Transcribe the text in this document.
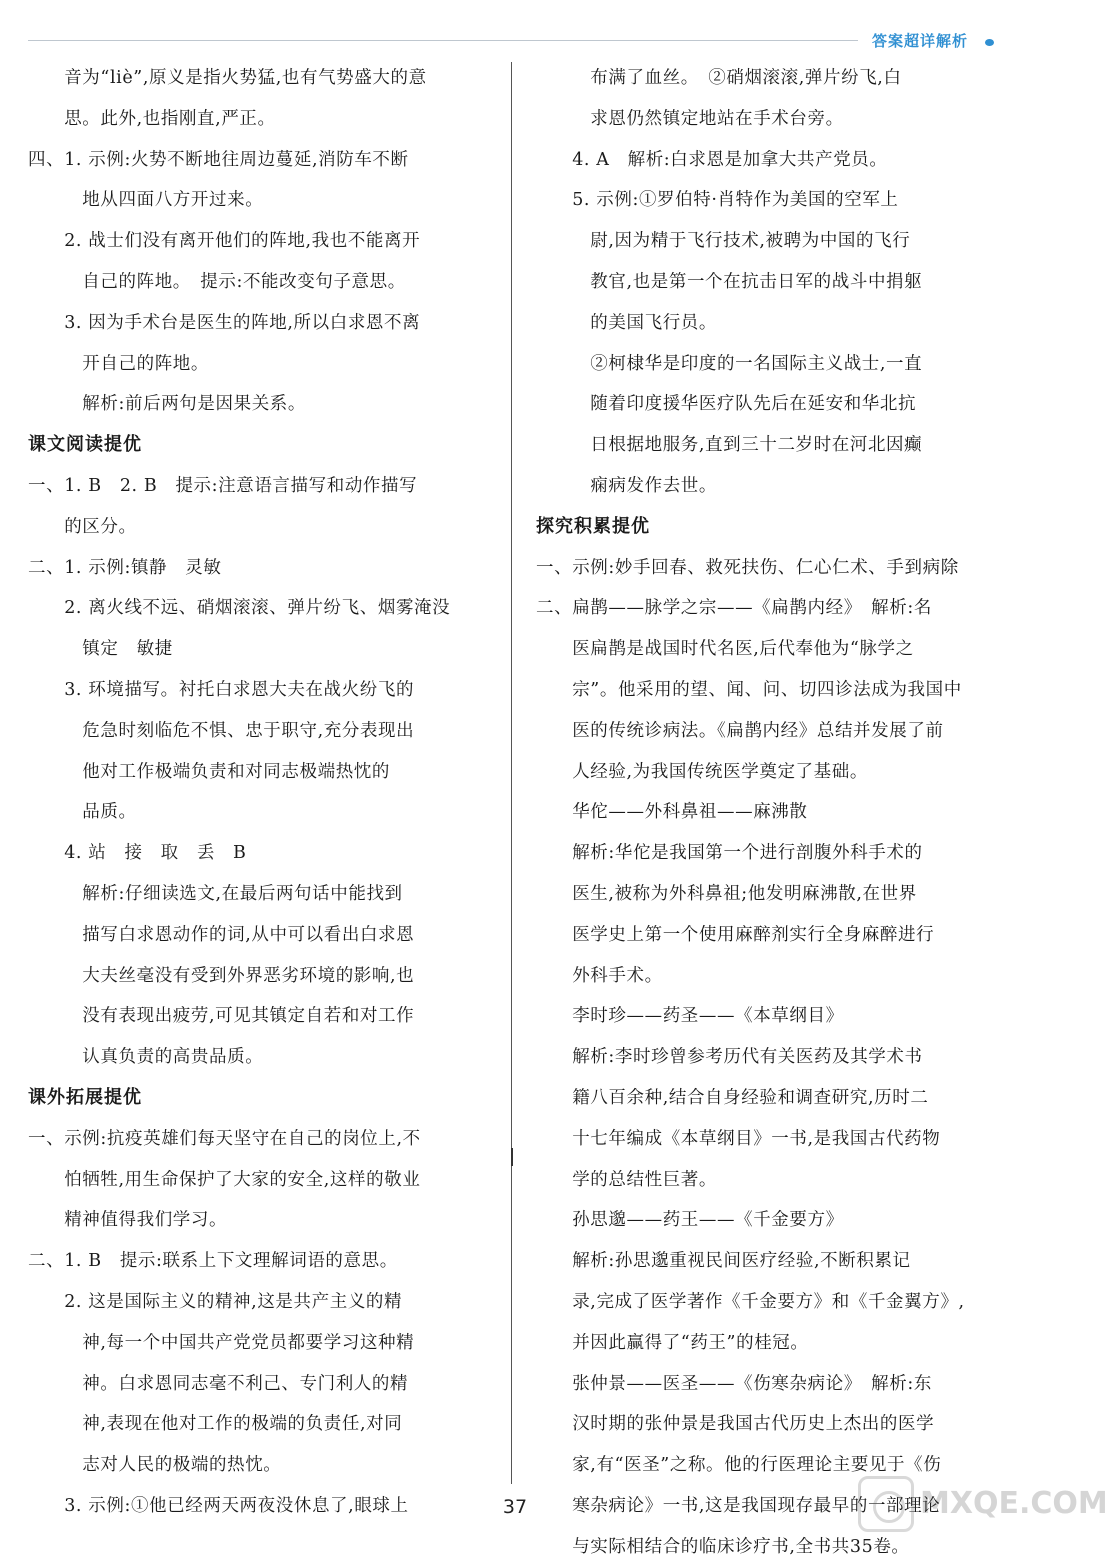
答案超详解析
　　音为“liè”,原义是指火势猛,也有气势盛大的意
　　思。此外,也指刚直,严正。
四、1. 示例:火势不断地往周边蔓延,消防车不断
　　　地从四面八方开过来。
　　2. 战士们没有离开他们的阵地,我也不能离开
　　　自己的阵地。　提示:不能改变句子意思。
　　3. 因为手术台是医生的阵地,所以白求恩不离
　　　开自己的阵地。
　　　解析:前后两句是因果关系。
课文阅读提优
一、1. B　2. B　提示:注意语言描写和动作描写
　　的区分。
二、1. 示例:镇静　灵敏
　　2. 离火线不远、硝烟滚滚、弹片纷飞、烟雾淹没
　　　镇定　敏捷
　　3. 环境描写。衬托白求恩大夫在战火纷飞的
　　　危急时刻临危不惧、忠于职守,充分表现出
　　　他对工作极端负责和对同志极端热忱的
　　　品质。
　　4. 站　接　取　丢　B
　　　解析:仔细读选文,在最后两句话中能找到
　　　描写白求恩动作的词,从中可以看出白求恩
　　　大夫丝毫没有受到外界恶劣环境的影响,也
　　　没有表现出疲劳,可见其镇定自若和对工作
　　　认真负责的高贵品质。
课外拓展提优
一、示例:抗疫英雄们每天坚守在自己的岗位上,不
　　怕牺牲,用生命保护了大家的安全,这样的敬业
　　精神值得我们学习。
二、1. B　提示:联系上下文理解词语的意思。
　　2. 这是国际主义的精神,这是共产主义的精
　　　神,每一个中国共产党党员都要学习这种精
　　　神。白求恩同志毫不利己、专门利人的精
　　　神,表现在他对工作的极端的负责任,对同
　　　志对人民的极端的热忱。
　　3. 示例:①他已经两天两夜没休息了,眼球上
　　　布满了血丝。　②硝烟滚滚,弹片纷飞,白
　　　求恩仍然镇定地站在手术台旁。
　　4. A　解析:白求恩是加拿大共产党员。
　　5. 示例:①罗伯特·肖特作为美国的空军上
　　　尉,因为精于飞行技术,被聘为中国的飞行
　　　教官,也是第一个在抗击日军的战斗中捐躯
　　　的美国飞行员。
　　　②柯棣华是印度的一名国际主义战士,一直
　　　随着印度援华医疗队先后在延安和华北抗
　　　日根据地服务,直到三十二岁时在河北因癫
　　　痫病发作去世。
探究积累提优
一、示例:妙手回春、救死扶伤、仁心仁术、手到病除
二、扁鹊——脉学之宗——《扁鹊内经》　解析:名
　　医扁鹊是战国时代名医,后代奉他为“脉学之
　　宗”。他采用的望、闻、问、切四诊法成为我国中
　　医的传统诊病法。《扁鹊内经》总结并发展了前
　　人经验,为我国传统医学奠定了基础。
　　华佗——外科鼻祖——麻沸散
　　解析:华佗是我国第一个进行剖腹外科手术的
　　医生,被称为外科鼻祖;他发明麻沸散,在世界
　　医学史上第一个使用麻醉剂实行全身麻醉进行
　　外科手术。
　　李时珍——药圣——《本草纲目》
　　解析:李时珍曾参考历代有关医药及其学术书
　　籍八百余种,结合自身经验和调查研究,历时二
　　十七年编成《本草纲目》一书,是我国古代药物
　　学的总结性巨著。
　　孙思邈——药王——《千金要方》
　　解析:孙思邈重视民间医疗经验,不断积累记
　　录,完成了医学著作《千金要方》和《千金翼方》,
　　并因此赢得了“药王”的桂冠。
　　张仲景——医圣——《伤寒杂病论》　解析:东
　　汉时期的张仲景是我国古代历史上杰出的医学
　　家,有“医圣”之称。他的行医理论主要见于《伤
　　寒杂病论》一书,这是我国现存最早的一部理论
　　与实际相结合的临床诊疗书,全书共35卷。
37	MXQE.COM
